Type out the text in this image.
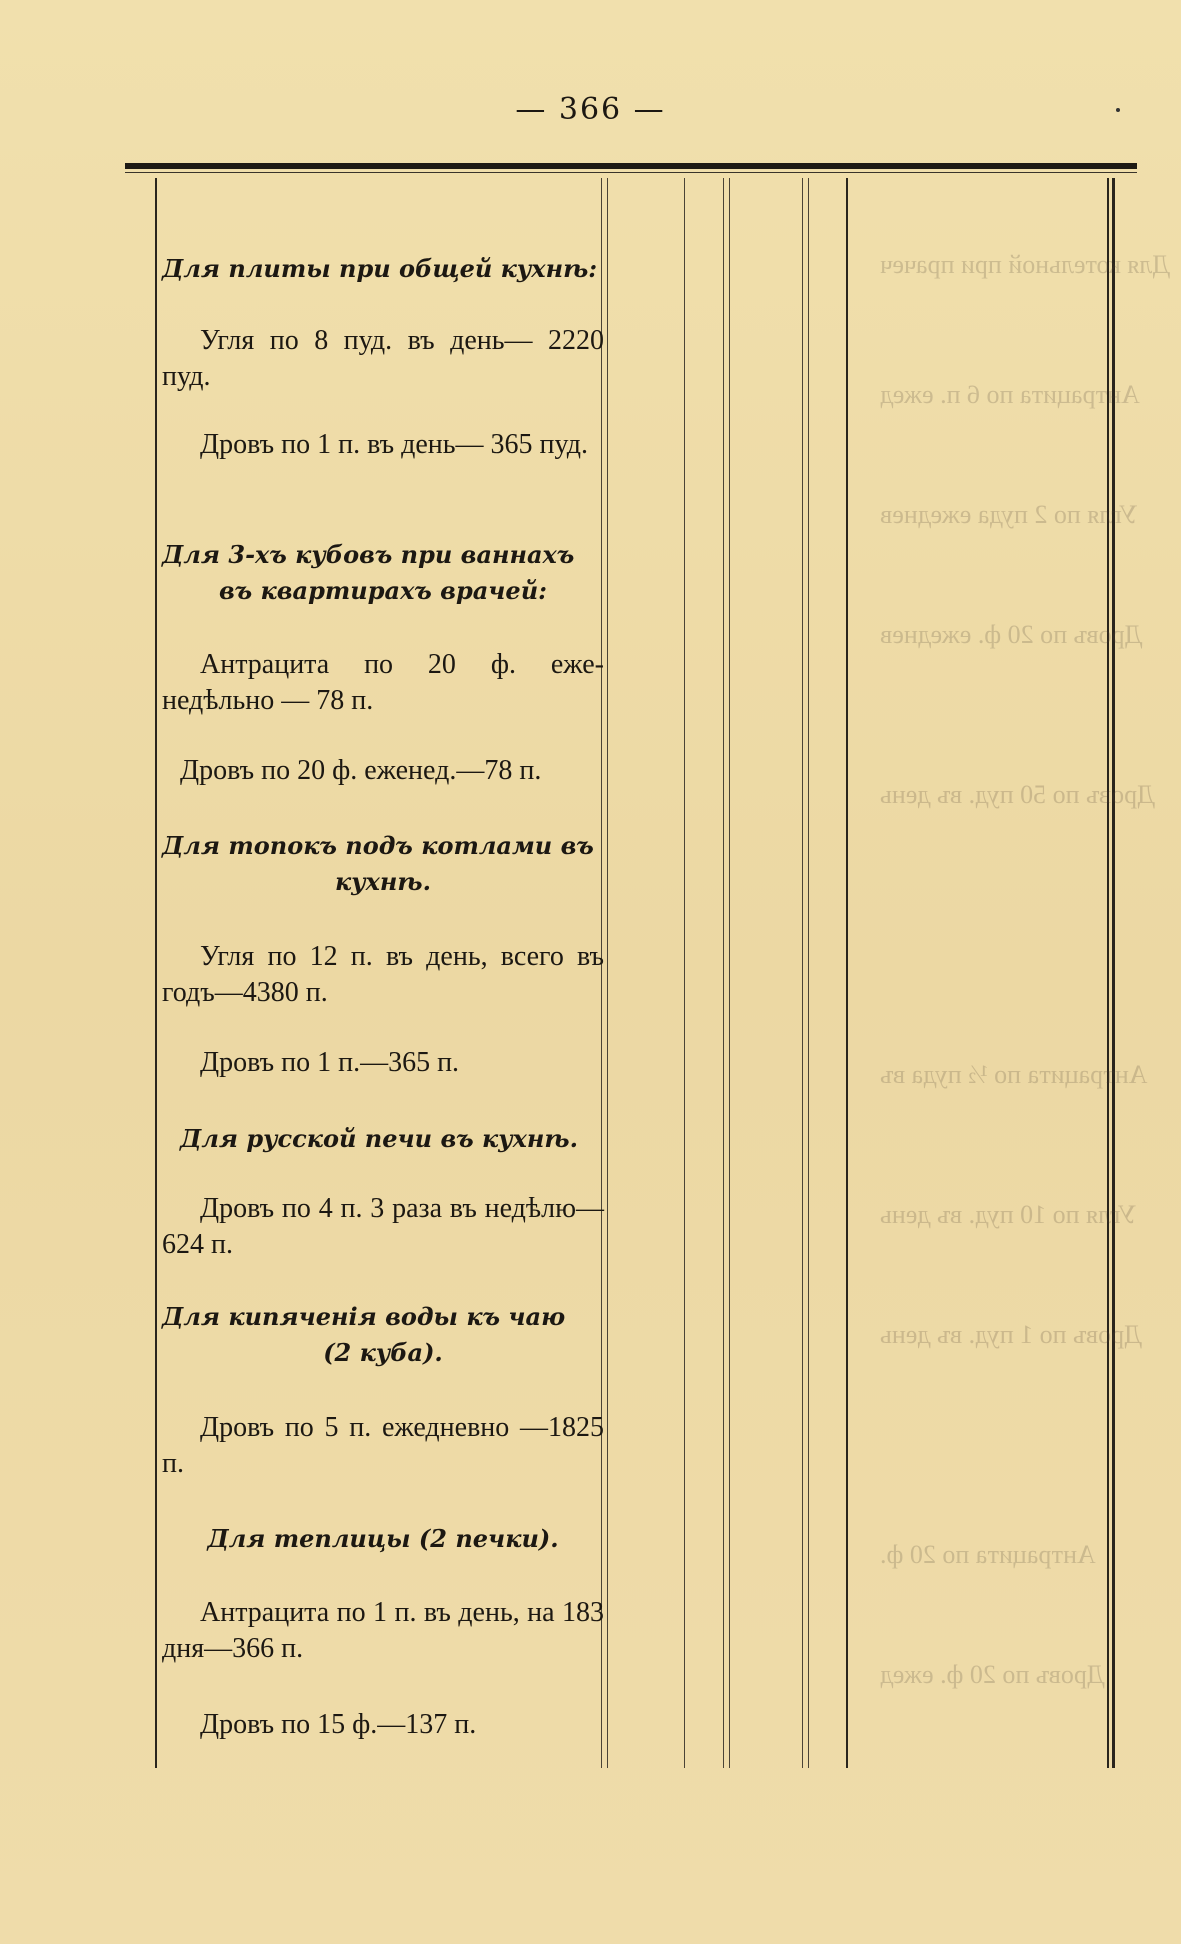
— 366 —
Для котельной при прачеч
Антрацита по 6 п. ежед
Угля по 2 пуда ежеднев
Дровъ по 20 ф. ежеднев
Дровъ по 50 пуд. въ день
Антрацита по ½ пуда въ
Угля по 10 пуд. въ день
Дровъ по 1 пуд. въ день
Антрацита по 20 ф.
Дровъ по 20 ф. ежед
Для плиты при общей кухнѣ:
Угля по 8 пуд. въ день— 2220 пуд.
Дровъ по 1 п. въ день— 365 пуд.
Для 3-хъ кубовъ при ваннахъ
въ квартирахъ врачей:
Антрацита по 20 ф. еже- недѣльно — 78 п.
Дровъ по 20 ф. еженед.—78 п.
Для топокъ подъ котлами въ
кухнѣ.
Угля по 12 п. въ день, всего въ годъ—4380 п.
Дровъ по 1 п.—365 п.
Для русской печи въ кухнѣ.
Дровъ по 4 п. 3 раза въ недѣлю—624 п.
Для кипяченія воды къ чаю
(2 куба).
Дровъ по 5 п. ежедневно —1825 п.
Для теплицы (2 печки).
Антрацита по 1 п. въ день, на 183 дня—366 п.
Дровъ по 15 ф.—137 п.
